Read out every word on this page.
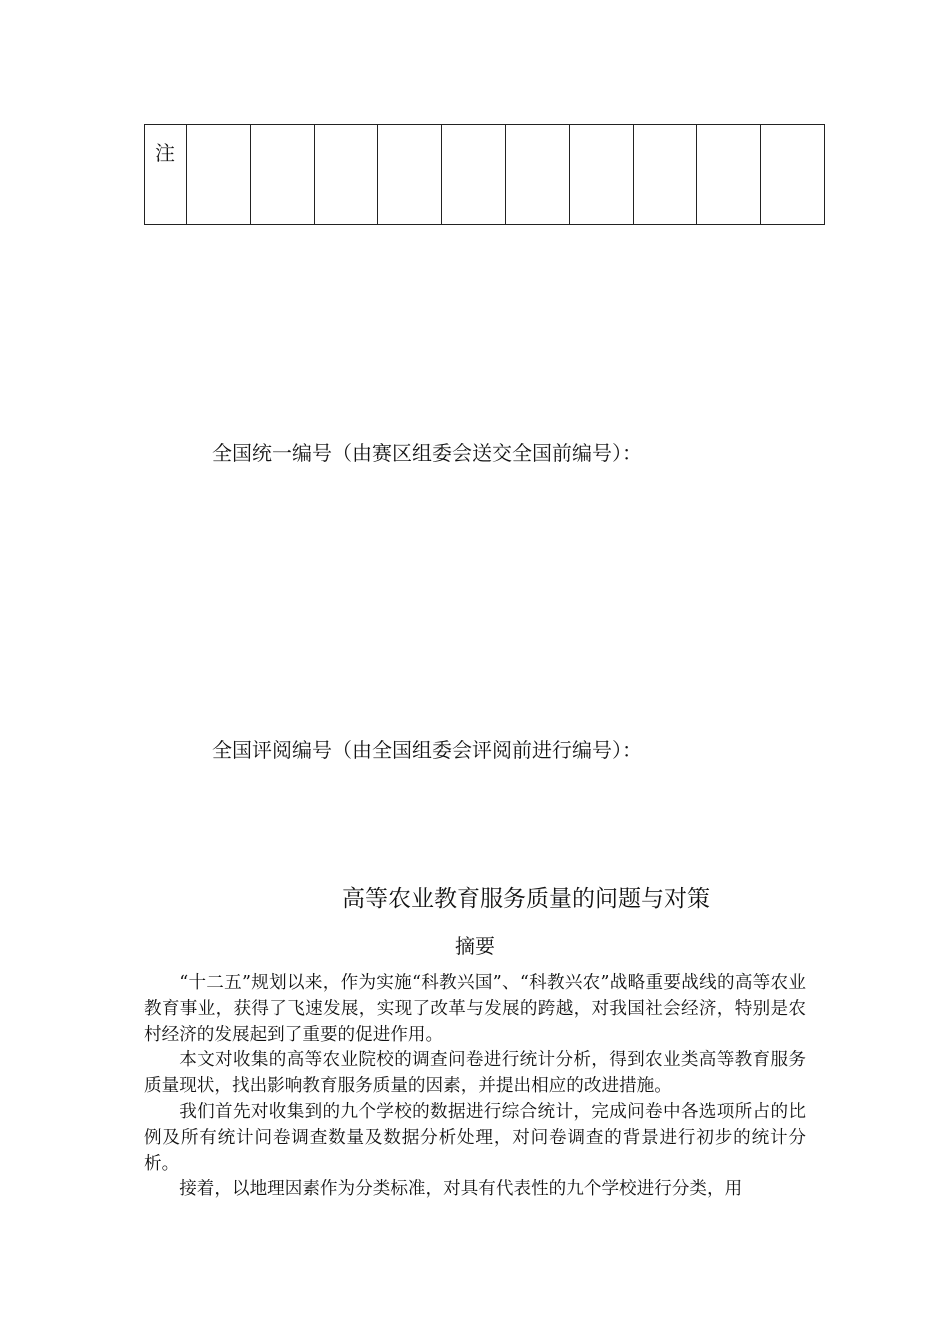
注

全国统一编号（由赛区组委会送交全国前编号）：
全国评阅编号（由全国组委会评阅前进行编号）：
高等农业教育服务质量的问题与对策
摘要

“十二五”规划以来，作为实施“科教兴国”、“科教兴农”战略重要战线的高等农业教育事业，获得了飞速发展，实现了改革与发展的跨越，对我国社会经济，特别是农村经济的发展起到了重要的促进作用。

本文对收集的高等农业院校的调查问卷进行统计分析，得到农业类高等教育服务质量现状，找出影响教育服务质量的因素，并提出相应的改进措施。

我们首先对收集到的九个学校的数据进行综合统计，完成问卷中各选项所占的比例及所有统计问卷调查数量及数据分析处理，对问卷调查的背景进行初步的统计分析。

接着，以地理因素作为分类标准，对具有代表性的九个学校进行分类，用
